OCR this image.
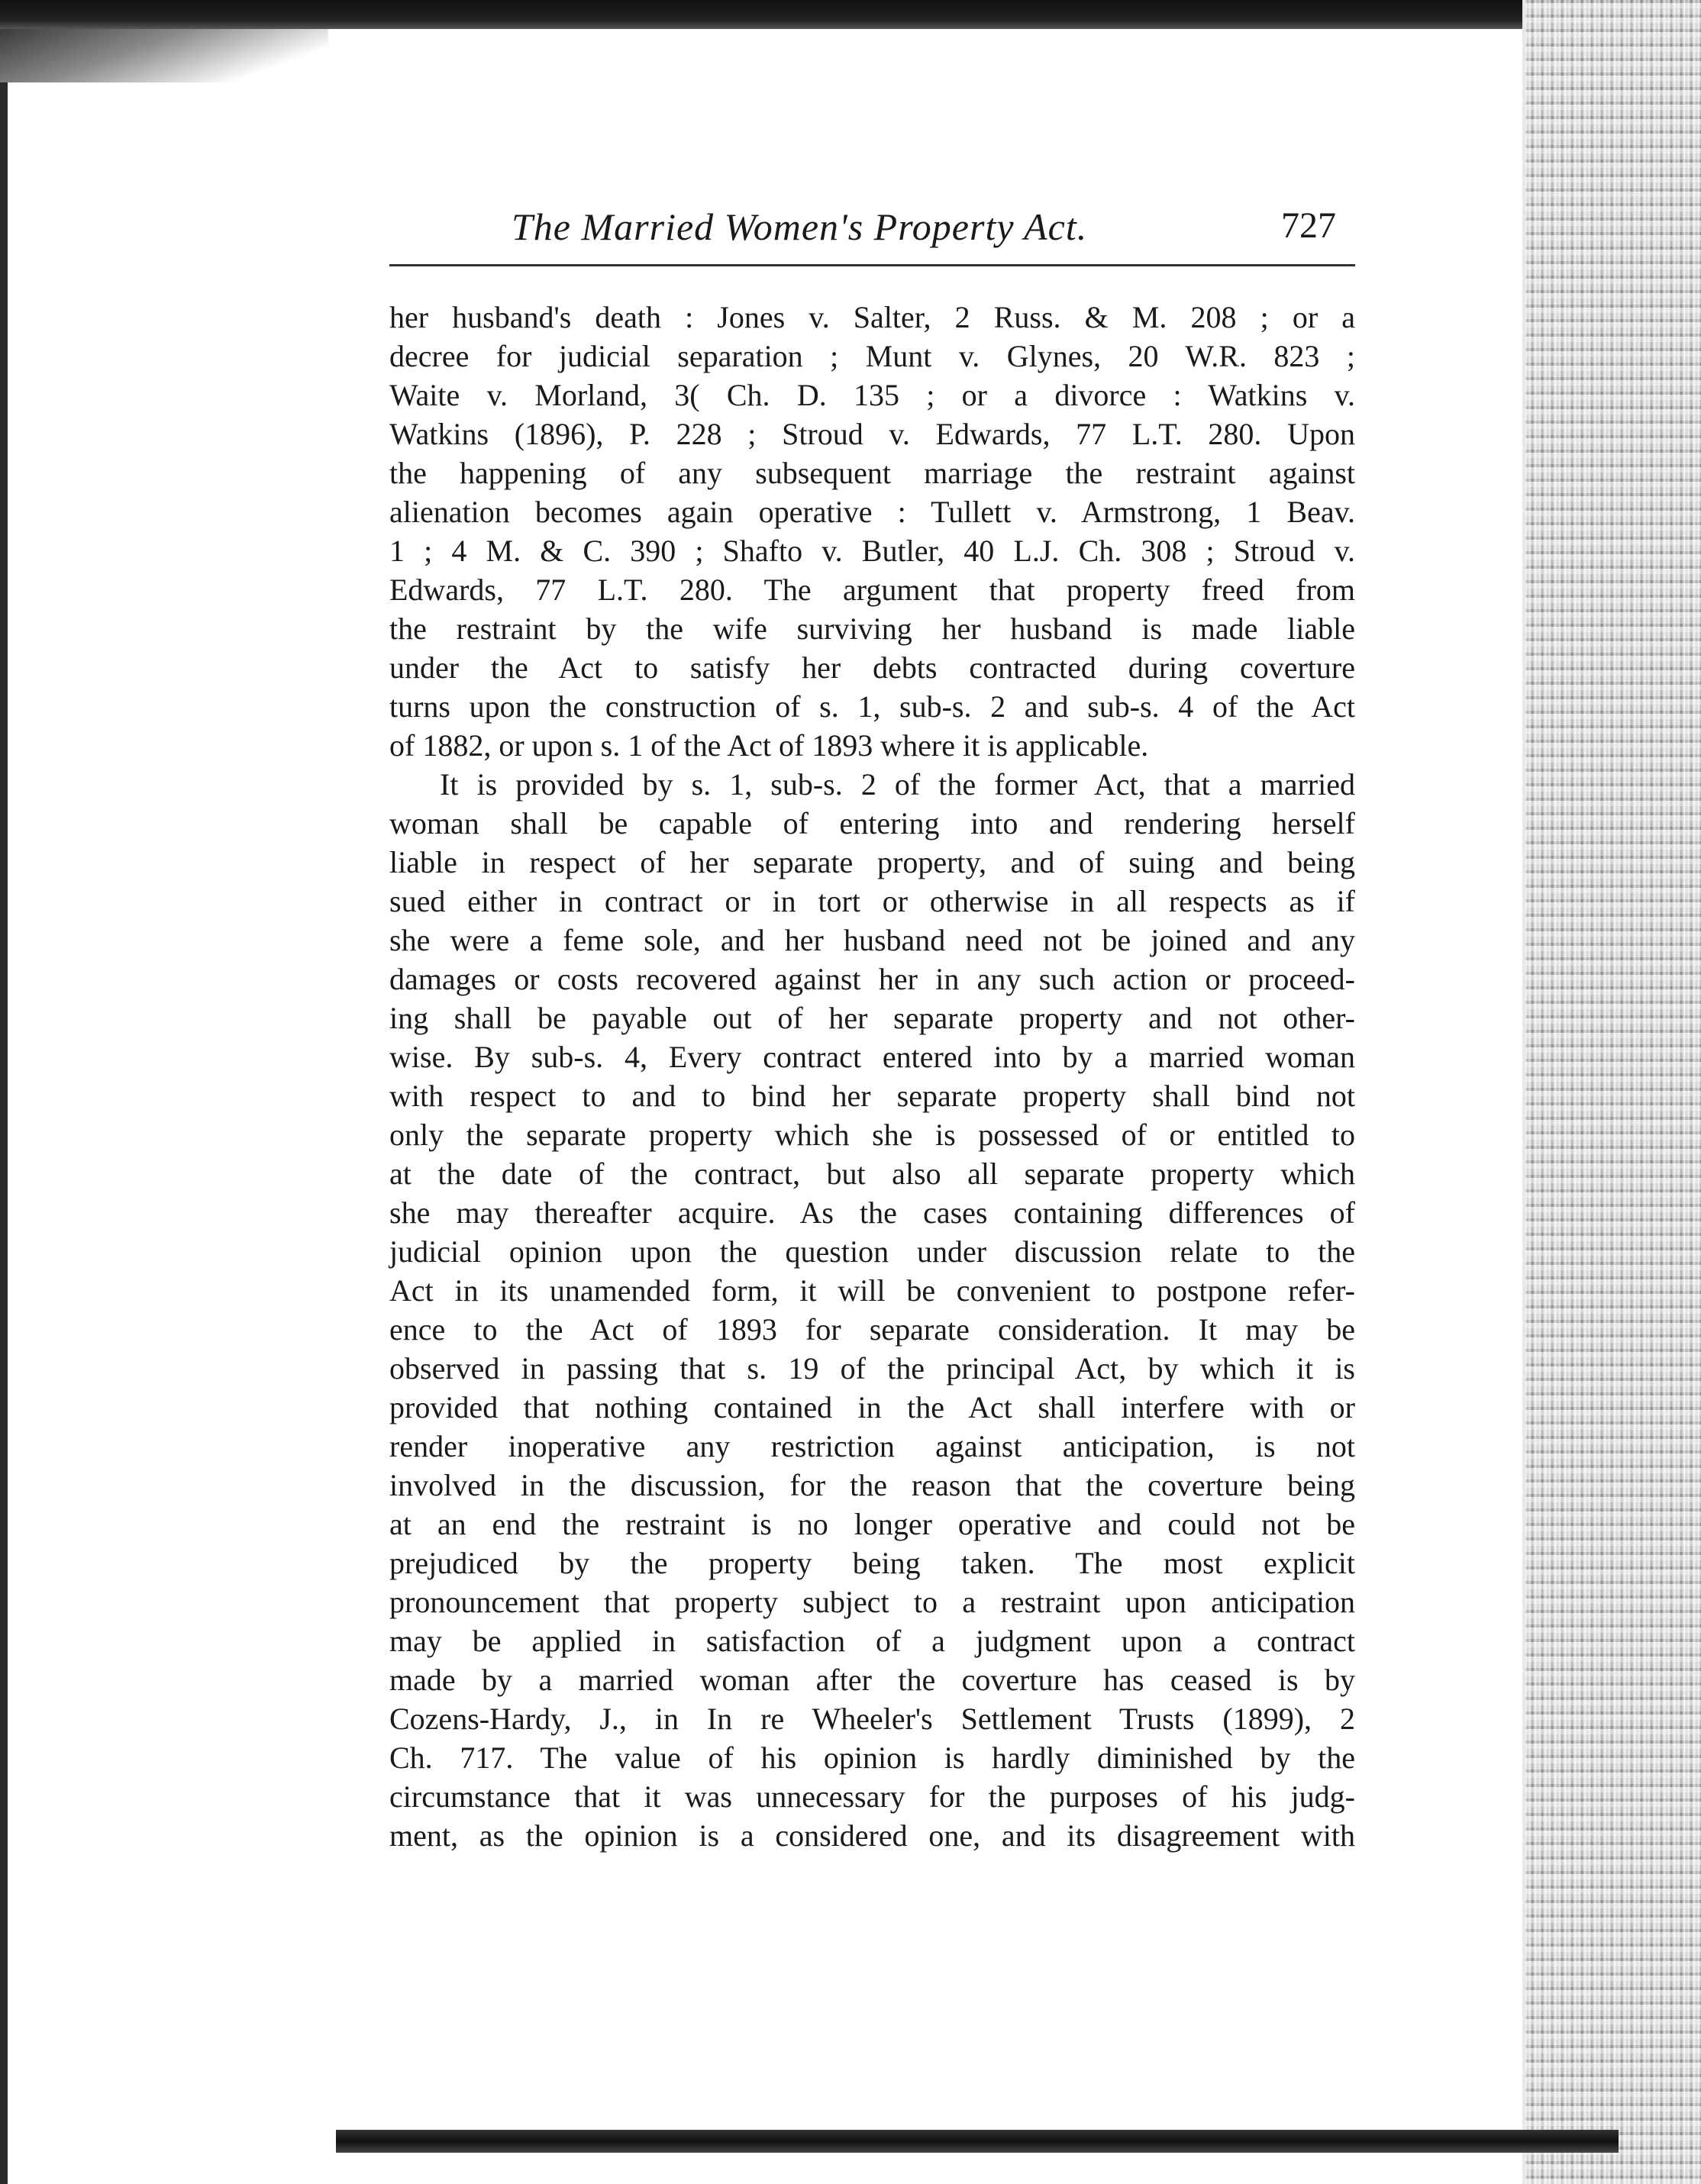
The Married Women's Property Act.	727
her husband's death : Jones v. Salter, 2 Russ. & M. 208 ; or a
decree for judicial separation ; Munt v. Glynes, 20 W.R. 823 ;
Waite v. Morland, 3( Ch. D. 135 ; or a divorce : Watkins v.
Watkins (1896), P. 228 ; Stroud v. Edwards, 77 L.T. 280. Upon
the happening of any subsequent marriage the restraint against
alienation becomes again operative : Tullett v. Armstrong, 1 Beav.
1 ; 4 M. & C. 390 ; Shafto v. Butler, 40 L.J. Ch. 308 ; Stroud v.
Edwards, 77 L.T. 280. The argument that property freed from
the restraint by the wife surviving her husband is made liable
under the Act to satisfy her debts contracted during coverture
turns upon the construction of s. 1, sub-s. 2 and sub-s. 4 of the Act
of 1882, or upon s. 1 of the Act of 1893 where it is applicable.
It is provided by s. 1, sub-s. 2 of the former Act, that a married
woman shall be capable of entering into and rendering herself
liable in respect of her separate property, and of suing and being
sued either in contract or in tort or otherwise in all respects as if
she were a feme sole, and her husband need not be joined and any
damages or costs recovered against her in any such action or proceed-
ing shall be payable out of her separate property and not other-
wise. By sub-s. 4, Every contract entered into by a married woman
with respect to and to bind her separate property shall bind not
only the separate property which she is possessed of or entitled to
at the date of the contract, but also all separate property which
she may thereafter acquire. As the cases containing differences of
judicial opinion upon the question under discussion relate to the
Act in its unamended form, it will be convenient to postpone refer-
ence to the Act of 1893 for separate consideration. It may be
observed in passing that s. 19 of the principal Act, by which it is
provided that nothing contained in the Act shall interfere with or
render inoperative any restriction against anticipation, is not
involved in the discussion, for the reason that the coverture being
at an end the restraint is no longer operative and could not be
prejudiced by the property being taken. The most explicit
pronouncement that property subject to a restraint upon anticipation
may be applied in satisfaction of a judgment upon a contract
made by a married woman after the coverture has ceased is by
Cozens-Hardy, J., in In re Wheeler's Settlement Trusts (1899), 2
Ch. 717. The value of his opinion is hardly diminished by the
circumstance that it was unnecessary for the purposes of his judg-
ment, as the opinion is a considered one, and its disagreement with
